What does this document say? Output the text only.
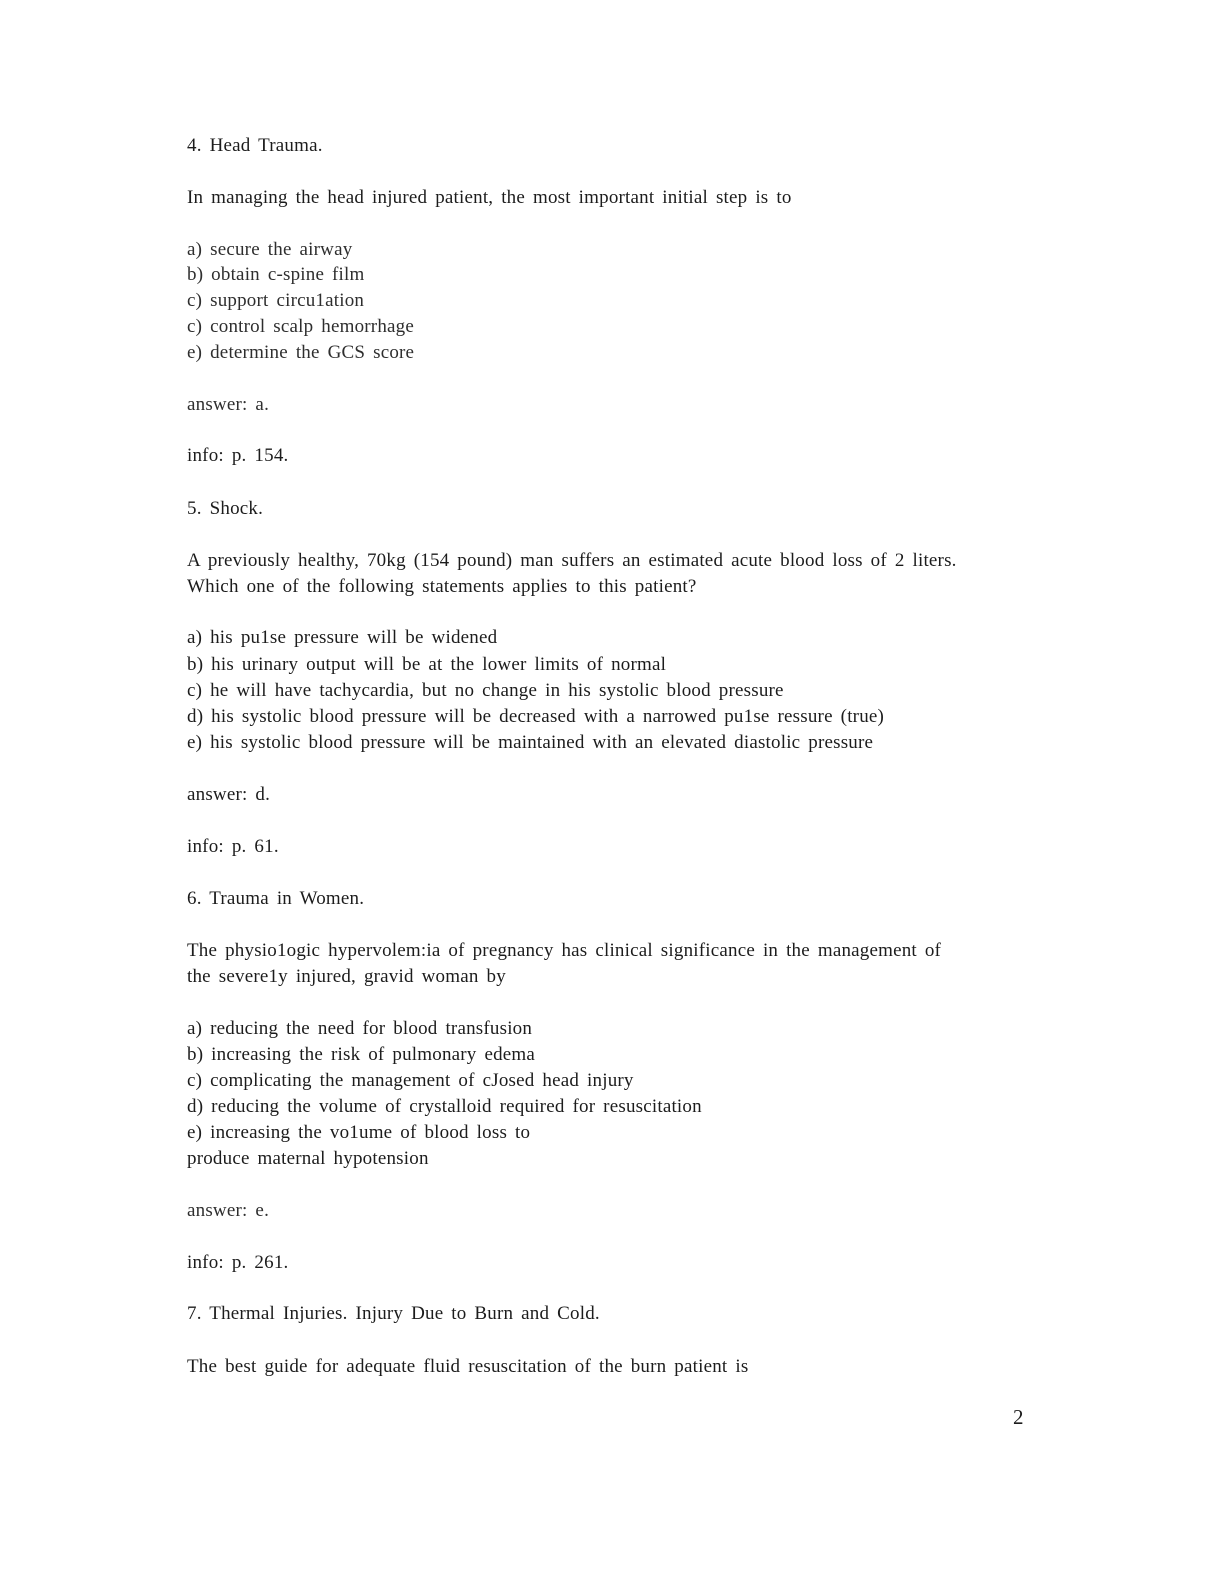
4. Head Trauma.
In managing the head injured patient, the most important initial step is to
a) secure the airway
b) obtain c-spine film
c) support circu1ation
c) control scalp hemorrhage
e) determine the GCS score
answer: a.
info: p. 154.
5. Shock.
A previously healthy, 70kg (154 pound) man suffers an estimated acute blood loss of 2 liters.
Which one of the following statements applies to this patient?
a) his pu1se pressure will be widened
b) his urinary output will be at the lower limits of normal
c) he will have tachycardia, but no change in his systolic blood pressure
d) his systolic blood pressure will be decreased with a narrowed pu1se ressure (true)
e) his systolic blood pressure will be maintained with an elevated diastolic pressure
answer: d.
info: p. 61.
6. Trauma in Women.
The physio1ogic hypervolem:ia of pregnancy has clinical significance in the management of
the severe1y injured, gravid woman by
a) reducing the need for blood transfusion
b) increasing the risk of pulmonary edema
c) complicating the management of cJosed head injury
d) reducing the volume of crystalloid required for resuscitation
e) increasing the vo1ume of blood loss to
produce maternal hypotension
answer: e.
info: p. 261.
7. Thermal Injuries. Injury Due to Burn and Cold.
The best guide for adequate fluid resuscitation of the burn patient is
2
